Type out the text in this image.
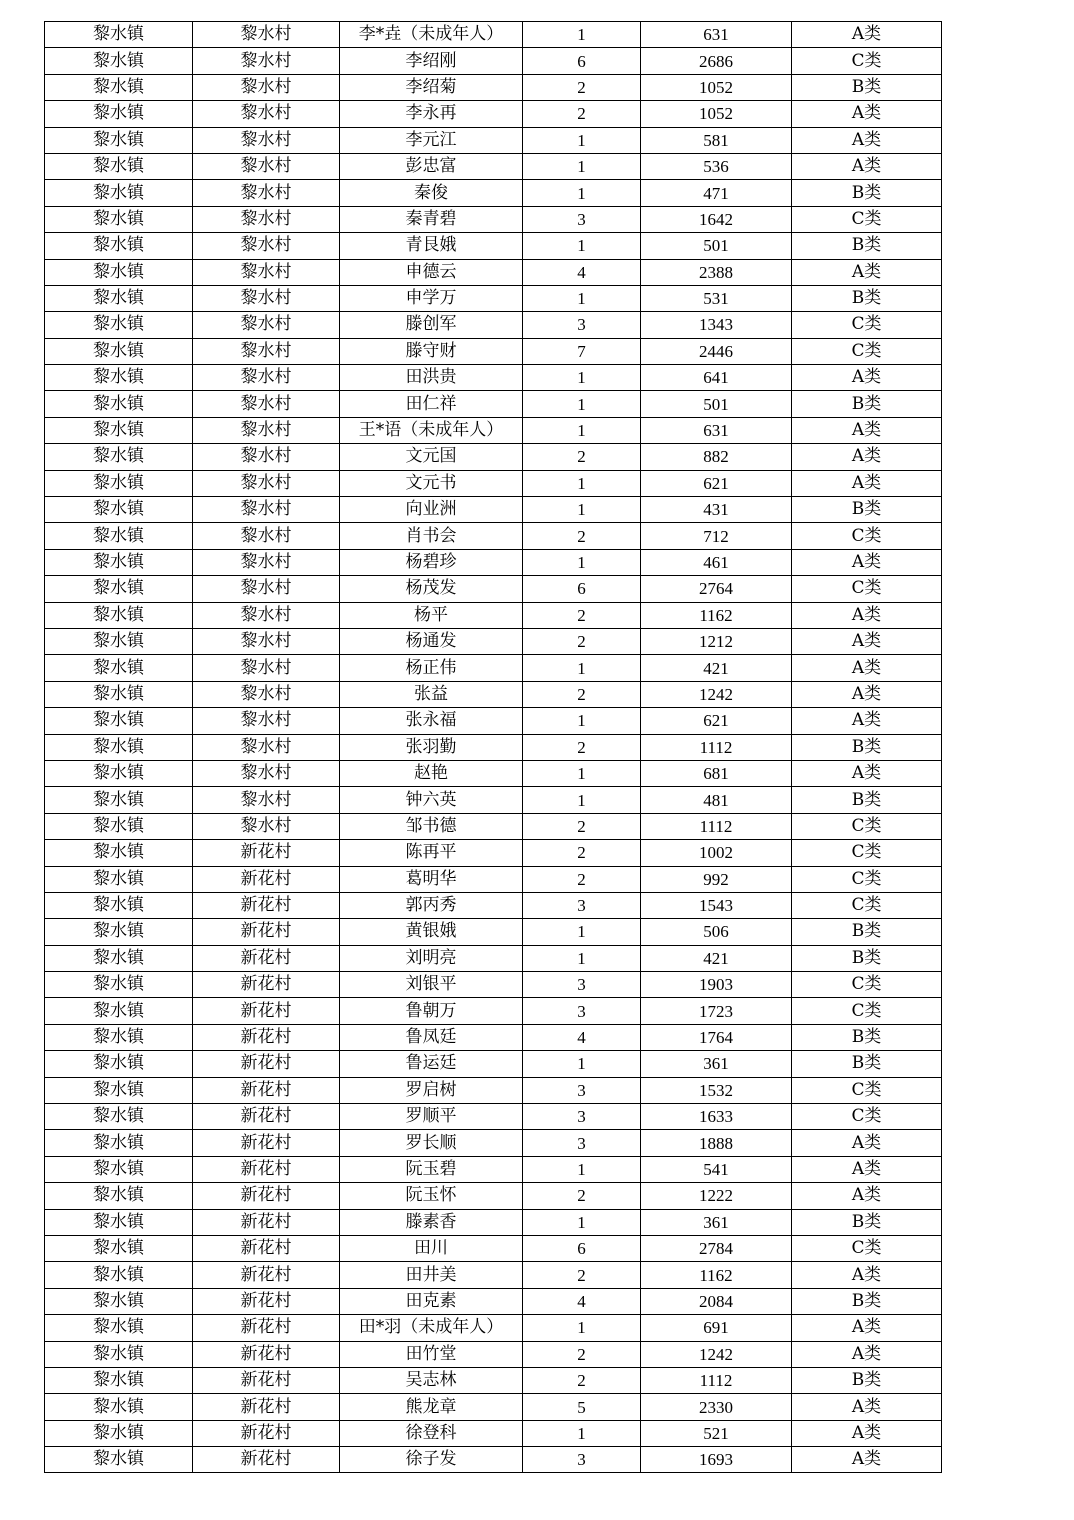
黎水镇	黎水村	李*垚（未成年人）	1	631	A类
黎水镇	黎水村	李绍刚	6	2686	C类
黎水镇	黎水村	李绍菊	2	1052	B类
黎水镇	黎水村	李永再	2	1052	A类
黎水镇	黎水村	李元江	1	581	A类
黎水镇	黎水村	彭忠富	1	536	A类
黎水镇	黎水村	秦俊	1	471	B类
黎水镇	黎水村	秦青碧	3	1642	C类
黎水镇	黎水村	青艮娥	1	501	B类
黎水镇	黎水村	申德云	4	2388	A类
黎水镇	黎水村	申学万	1	531	B类
黎水镇	黎水村	滕创军	3	1343	C类
黎水镇	黎水村	滕守财	7	2446	C类
黎水镇	黎水村	田洪贵	1	641	A类
黎水镇	黎水村	田仁祥	1	501	B类
黎水镇	黎水村	王*语（未成年人）	1	631	A类
黎水镇	黎水村	文元国	2	882	A类
黎水镇	黎水村	文元书	1	621	A类
黎水镇	黎水村	向业洲	1	431	B类
黎水镇	黎水村	肖书会	2	712	C类
黎水镇	黎水村	杨碧珍	1	461	A类
黎水镇	黎水村	杨茂发	6	2764	C类
黎水镇	黎水村	杨平	2	1162	A类
黎水镇	黎水村	杨通发	2	1212	A类
黎水镇	黎水村	杨正伟	1	421	A类
黎水镇	黎水村	张益	2	1242	A类
黎水镇	黎水村	张永福	1	621	A类
黎水镇	黎水村	张羽勤	2	1112	B类
黎水镇	黎水村	赵艳	1	681	A类
黎水镇	黎水村	钟六英	1	481	B类
黎水镇	黎水村	邹书德	2	1112	C类
黎水镇	新花村	陈再平	2	1002	C类
黎水镇	新花村	葛明华	2	992	C类
黎水镇	新花村	郭丙秀	3	1543	C类
黎水镇	新花村	黄银娥	1	506	B类
黎水镇	新花村	刘明亮	1	421	B类
黎水镇	新花村	刘银平	3	1903	C类
黎水镇	新花村	鲁朝万	3	1723	C类
黎水镇	新花村	鲁凤廷	4	1764	B类
黎水镇	新花村	鲁运廷	1	361	B类
黎水镇	新花村	罗启树	3	1532	C类
黎水镇	新花村	罗顺平	3	1633	C类
黎水镇	新花村	罗长顺	3	1888	A类
黎水镇	新花村	阮玉碧	1	541	A类
黎水镇	新花村	阮玉怀	2	1222	A类
黎水镇	新花村	滕素香	1	361	B类
黎水镇	新花村	田川	6	2784	C类
黎水镇	新花村	田井美	2	1162	A类
黎水镇	新花村	田克素	4	2084	B类
黎水镇	新花村	田*羽（未成年人）	1	691	A类
黎水镇	新花村	田竹堂	2	1242	A类
黎水镇	新花村	吴志林	2	1112	B类
黎水镇	新花村	熊龙章	5	2330	A类
黎水镇	新花村	徐登科	1	521	A类
黎水镇	新花村	徐子发	3	1693	A类
